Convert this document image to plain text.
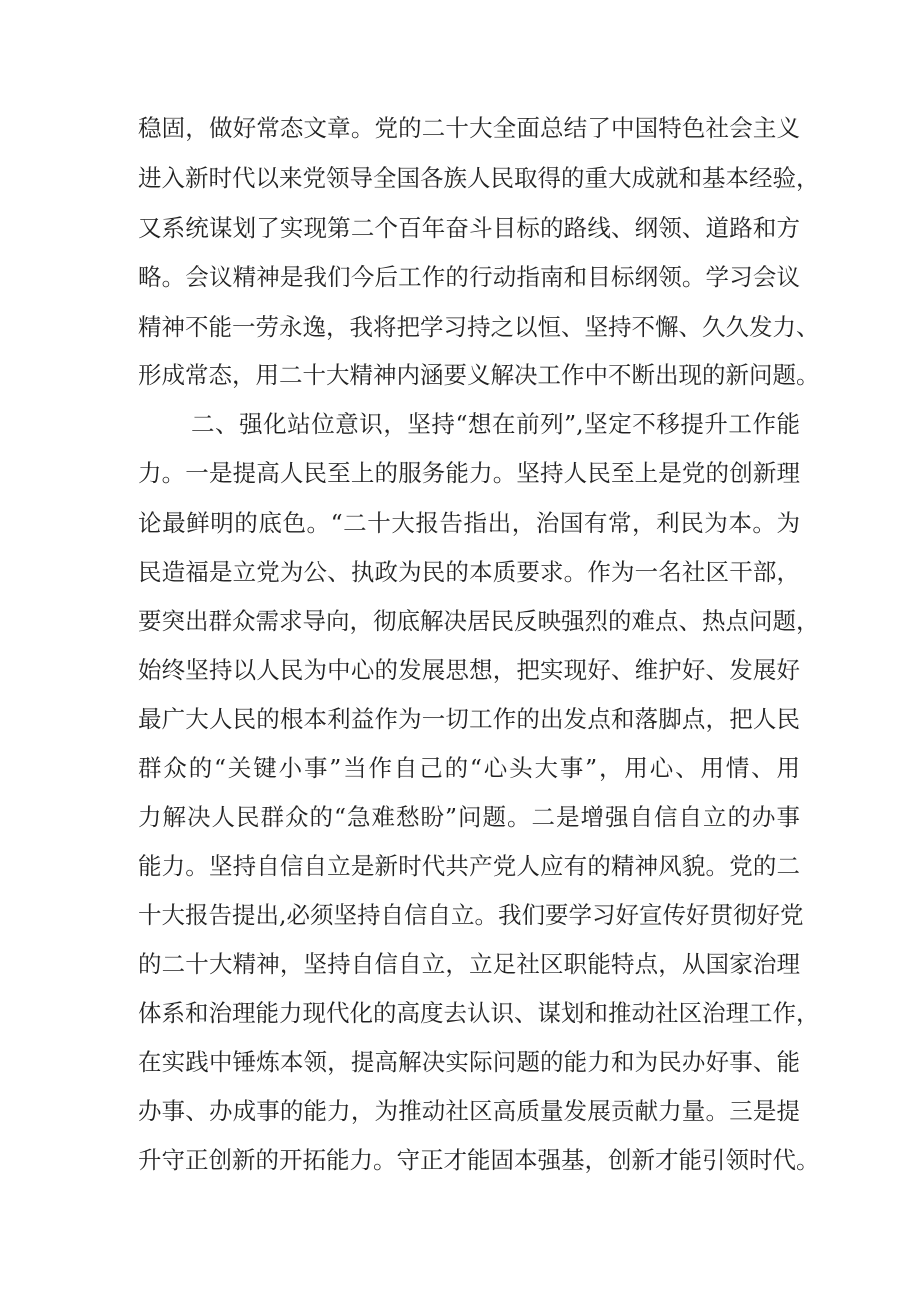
稳固，做好常态文章。党的二十大全面总结了中国特色社会主义

进入新时代以来党领导全国各族人民取得的重大成就和基本经验，

又系统谋划了实现第二个百年奋斗目标的路线、纲领、道路和方

略。会议精神是我们今后工作的行动指南和目标纲领。学习会议

精神不能一劳永逸，我将把学习持之以恒、坚持不懈、久久发力、

形成常态，用二十大精神内涵要义解决工作中不断出现的新问题。

二、强化站位意识，坚持“想在前列”,坚定不移提升工作能

力。一是提高人民至上的服务能力。坚持人民至上是党的创新理

论最鲜明的底色。“二十大报告指出，治国有常，利民为本。为

民造福是立党为公、执政为民的本质要求。作为一名社区干部，

要突出群众需求导向，彻底解决居民反映强烈的难点、热点问题，

始终坚持以人民为中心的发展思想，把实现好、维护好、发展好

最广大人民的根本利益作为一切工作的出发点和落脚点，把人民

群众的“关键小事”当作自己的“心头大事”，用心、用情、用

力解决人民群众的“急难愁盼”问题。二是增强自信自立的办事

能力。坚持自信自立是新时代共产党人应有的精神风貌。党的二

十大报告提出,必须坚持自信自立。我们要学习好宣传好贯彻好党

的二十大精神，坚持自信自立，立足社区职能特点，从国家治理

体系和治理能力现代化的高度去认识、谋划和推动社区治理工作，

在实践中锤炼本领，提高解决实际问题的能力和为民办好事、能

办事、办成事的能力，为推动社区高质量发展贡献力量。三是提

升守正创新的开拓能力。守正才能固本强基，创新才能引领时代。
